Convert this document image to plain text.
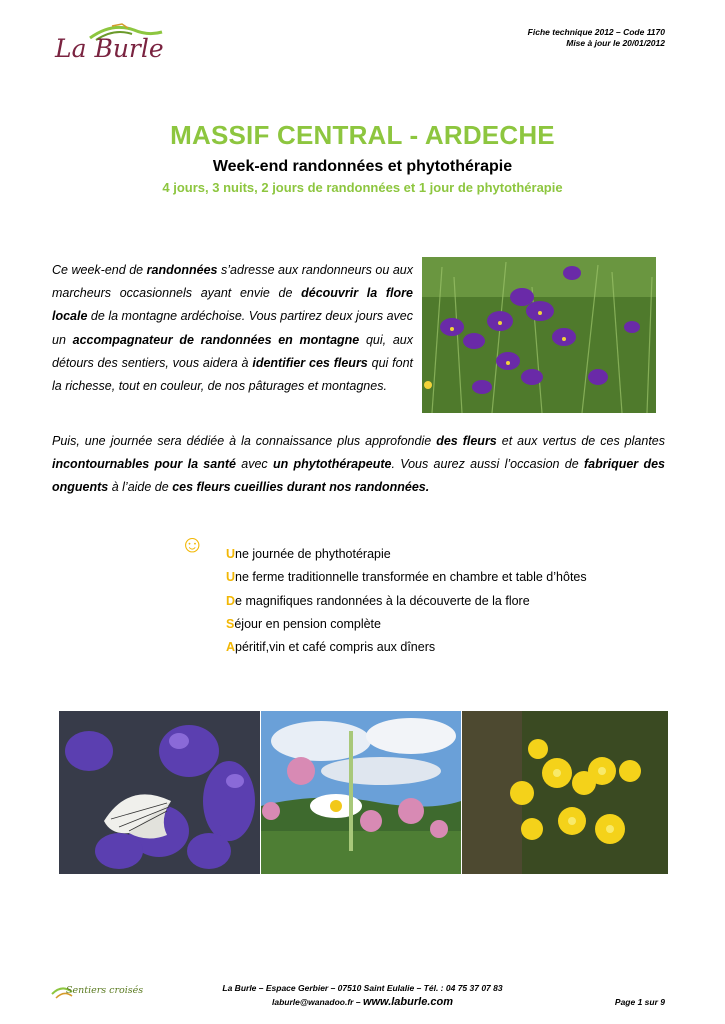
La Burle
Fiche technique 2012 – Code 1170
Mise à jour le 20/01/2012
MASSIF CENTRAL - ARDECHE
Week-end randonnées et phytothérapie
4 jours, 3 nuits, 2 jours de randonnées et 1 jour de phytothérapie
Ce week-end de randonnées s’adresse aux randonneurs ou aux marcheurs occasionnels ayant envie de découvrir la flore locale de la montagne ardéchoise. Vous partirez deux jours avec un accompagnateur de randonnées en montagne qui, aux détours des sentiers, vous aidera à identifier ces fleurs qui font la richesse, tout en couleur, de nos pâturages et montagnes.
Puis, une journée sera dédiée à la connaissance plus approfondie des fleurs et aux vertus de ces plantes incontournables pour la santé avec un phytothérapeute. Vous aurez aussi l’occasion de fabriquer des onguents à l’aide de ces fleurs cueillies durant nos randonnées.
☺ Une journée de phythotérapie
Une ferme traditionnelle transformée en chambre et table d’hôtes
De magnifiques randonnées à la découverte de la flore
Séjour en pension complète
Apéritif,vin et café compris aux dîners
Sentiers croisés	La Burle – Espace Gerbier – 07510 Saint Eulalie – Tél. : 04 75 37 07 83
laburle@wanadoo.fr – www.laburle.com	Page 1 sur 9
